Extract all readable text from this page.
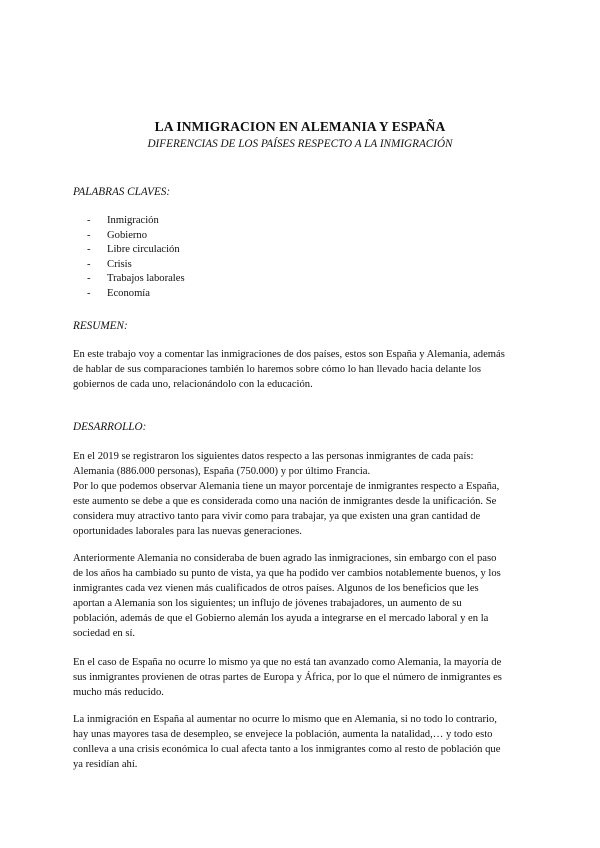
LA INMIGRACION EN ALEMANIA Y ESPAÑA
DIFERENCIAS DE LOS PAÍSES RESPECTO A LA INMIGRACIÓN
PALABRAS CLAVES:
- Inmigración
- Gobierno
- Libre circulación
- Crisis
- Trabajos laborales
- Economía
RESUMEN:
En este trabajo voy a comentar las inmigraciones de dos países, estos son España y Alemania, además
de hablar de sus comparaciones también lo haremos sobre cómo lo han llevado hacia delante los
gobiernos de cada uno, relacionándolo con la educación.
DESARROLLO:
En el 2019 se registraron los siguientes datos respecto a las personas inmigrantes de cada país:
Alemania (886.000 personas), España (750.000) y por último Francia.
Por lo que podemos observar Alemania tiene un mayor porcentaje de inmigrantes respecto a España,
este aumento se debe a que es considerada como una nación de inmigrantes desde la unificación. Se
considera muy atractivo tanto para vivir como para trabajar, ya que existen una gran cantidad de
oportunidades laborales para las nuevas generaciones.
Anteriormente Alemania no consideraba de buen agrado las inmigraciones, sin embargo con el paso
de los años ha cambiado su punto de vista, ya que ha podido ver cambios notablemente buenos, y los
inmigrantes cada vez vienen más cualificados de otros países. Algunos de los beneficios que les
aportan a Alemania son los siguientes; un influjo de jóvenes trabajadores, un aumento de su
población, además de que el Gobierno alemán los ayuda a integrarse en el mercado laboral y en la
sociedad en sí.
En el caso de España no ocurre lo mismo ya que no está tan avanzado como Alemania, la mayoría de
sus inmigrantes provienen de otras partes de Europa y África, por lo que el número de inmigrantes es
mucho más reducido.
La inmigración en España al aumentar no ocurre lo mismo que en Alemania, si no todo lo contrario,
hay unas mayores tasa de desempleo, se envejece la población, aumenta la natalidad,… y todo esto
conlleva a una crisis económica lo cual afecta tanto a los inmigrantes como al resto de población que
ya residían ahí.
